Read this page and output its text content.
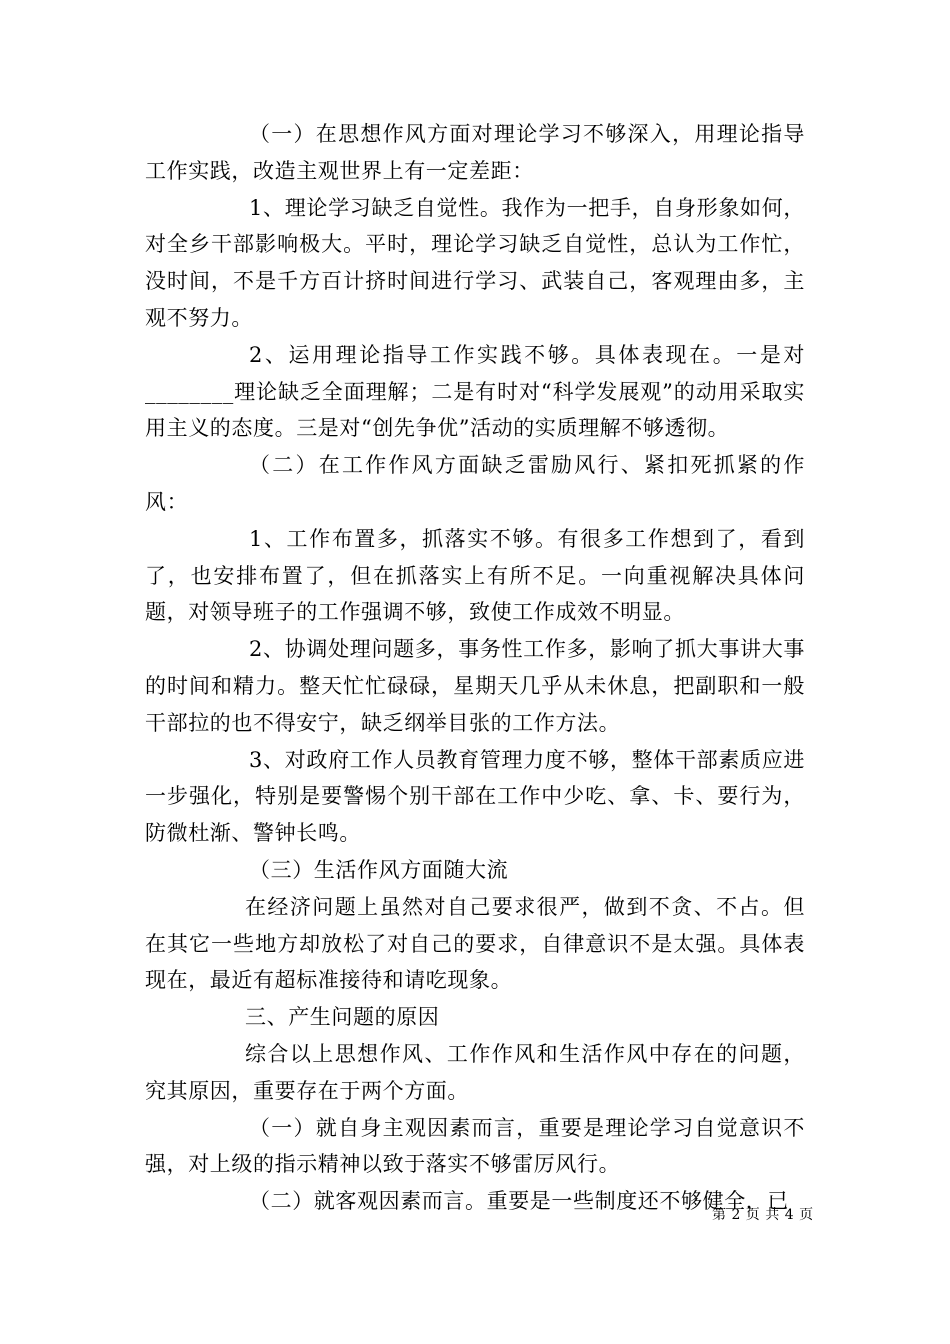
（一）在思想作风方面对理论学习不够深入，用理论指导工作实践，改造主观世界上有一定差距：

1、理论学习缺乏自觉性。我作为一把手，自身形象如何，对全乡干部影响极大。平时，理论学习缺乏自觉性，总认为工作忙，没时间，不是千方百计挤时间进行学习、武装自己，客观理由多，主观不努力。

2、运用理论指导工作实践不够。具体表现在。一是对________理论缺乏全面理解；二是有时对“科学发展观”的动用采取实用主义的态度。三是对“创先争优”活动的实质理解不够透彻。

（二）在工作作风方面缺乏雷励风行、紧扣死抓紧的作风：

1、工作布置多，抓落实不够。有很多工作想到了，看到了，也安排布置了，但在抓落实上有所不足。一向重视解决具体问题，对领导班子的工作强调不够，致使工作成效不明显。

2、协调处理问题多，事务性工作多，影响了抓大事讲大事的时间和精力。整天忙忙碌碌，星期天几乎从未休息，把副职和一般干部拉的也不得安宁，缺乏纲举目张的工作方法。

3、对政府工作人员教育管理力度不够，整体干部素质应进一步强化，特别是要警惕个别干部在工作中少吃、拿、卡、要行为，防微杜渐、警钟长鸣。

（三）生活作风方面随大流

在经济问题上虽然对自己要求很严，做到不贪、不占。但在其它一些地方却放松了对自己的要求，自律意识不是太强。具体表现在，最近有超标准接待和请吃现象。

三、产生问题的原因

综合以上思想作风、工作作风和生活作风中存在的问题，究其原因，重要存在于两个方面。

（一）就自身主观因素而言，重要是理论学习自觉意识不强，对上级的指示精神以致于落实不够雷厉风行。

（二）就客观因素而言。重要是一些制度还不够健全，已

第 2 页 共 4 页
